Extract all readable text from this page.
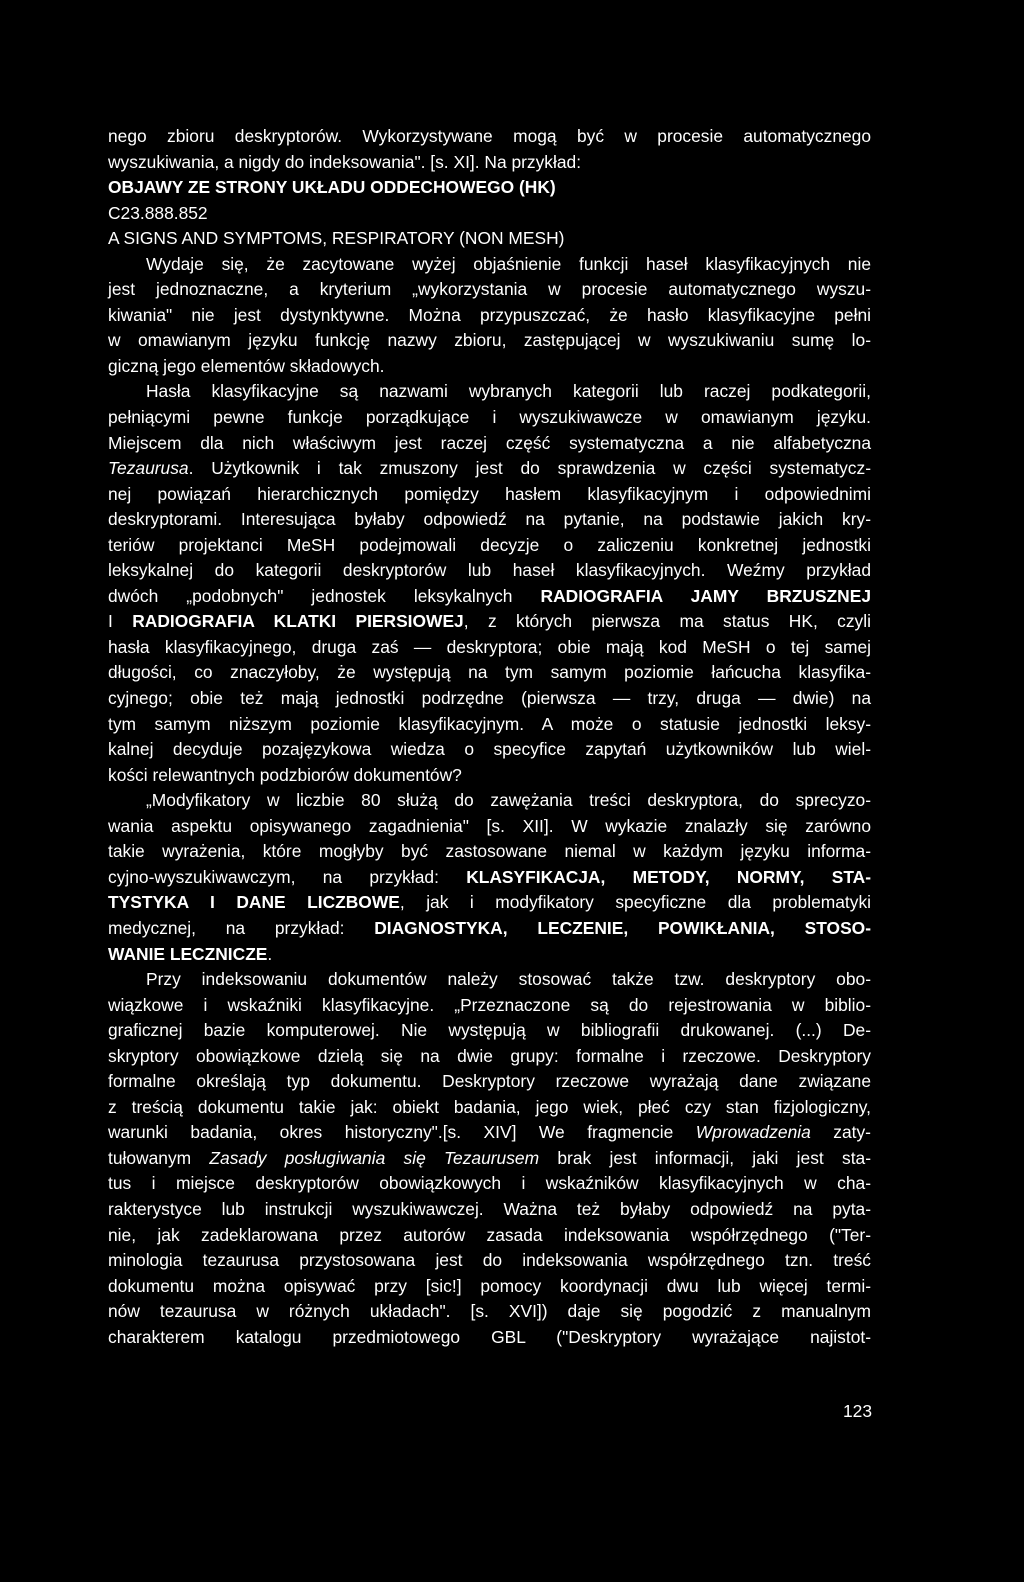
nego zbioru deskryptorów. Wykorzystywane mogą być w procesie automatycznego
wyszukiwania, a nigdy do indeksowania". [s. XI]. Na przykład:
OBJAWY ZE STRONY UKŁADU ODDECHOWEGO (HK)
C23.888.852
A SIGNS AND SYMPTOMS, RESPIRATORY (NON MESH)
Wydaje się, że zacytowane wyżej objaśnienie funkcji haseł klasyfikacyjnych nie
jest jednoznaczne, a kryterium „wykorzystania w procesie automatycznego wyszu-
kiwania" nie jest dystynktywne. Można przypuszczać, że hasło klasyfikacyjne pełni
w omawianym języku funkcję nazwy zbioru, zastępującej w wyszukiwaniu sumę lo-
giczną jego elementów składowych.
Hasła klasyfikacyjne są nazwami wybranych kategorii lub raczej podkategorii,
pełniącymi pewne funkcje porządkujące i wyszukiwawcze w omawianym języku.
Miejscem dla nich właściwym jest raczej część systematyczna a nie alfabetyczna
Tezaurusa. Użytkownik i tak zmuszony jest do sprawdzenia w części systematycz-
nej powiązań hierarchicznych pomiędzy hasłem klasyfikacyjnym i odpowiednimi
deskryptorami. Interesująca byłaby odpowiedź na pytanie, na podstawie jakich kry-
teriów projektanci MeSH podejmowali decyzje o zaliczeniu konkretnej jednostki
leksykalnej do kategorii deskryptorów lub haseł klasyfikacyjnych. Weźmy przykład
dwóch „podobnych" jednostek leksykalnych RADIOGRAFIA JAMY BRZUSZNEJ
I RADIOGRAFIA KLATKI PIERSIOWEJ, z których pierwsza ma status HK, czyli
hasła klasyfikacyjnego, druga zaś — deskryptora; obie mają kod MeSH o tej samej
długości, co znaczyłoby, że występują na tym samym poziomie łańcucha klasyfika-
cyjnego; obie też mają jednostki podrzędne (pierwsza — trzy, druga — dwie) na
tym samym niższym poziomie klasyfikacyjnym. A może o statusie jednostki leksy-
kalnej decyduje pozajęzykowa wiedza o specyfice zapytań użytkowników lub wiel-
kości relewantnych podzbiorów dokumentów?
„Modyfikatory w liczbie 80 służą do zawężania treści deskryptora, do sprecyzo-
wania aspektu opisywanego zagadnienia" [s. XII]. W wykazie znalazły się zarówno
takie wyrażenia, które mogłyby być zastosowane niemal w każdym języku informa-
cyjno-wyszukiwawczym, na przykład: KLASYFIKACJA, METODY, NORMY, STA-
TYSTYKA I DANE LICZBOWE, jak i modyfikatory specyficzne dla problematyki
medycznej, na przykład: DIAGNOSTYKA, LECZENIE, POWIKŁANIA, STOSO-
WANIE LECZNICZE.
Przy indeksowaniu dokumentów należy stosować także tzw. deskryptory obo-
wiązkowe i wskaźniki klasyfikacyjne. „Przeznaczone są do rejestrowania w biblio-
graficznej bazie komputerowej. Nie występują w bibliografii drukowanej. (...) De-
skryptory obowiązkowe dzielą się na dwie grupy: formalne i rzeczowe. Deskryptory
formalne określają typ dokumentu. Deskryptory rzeczowe wyrażają dane związane
z treścią dokumentu takie jak: obiekt badania, jego wiek, płeć czy stan fizjologiczny,
warunki badania, okres historyczny".[s. XIV] We fragmencie Wprowadzenia zaty-
tułowanym Zasady posługiwania się Tezaurusem brak jest informacji, jaki jest sta-
tus i miejsce deskryptorów obowiązkowych i wskaźników klasyfikacyjnych w cha-
rakterystyce lub instrukcji wyszukiwawczej. Ważna też byłaby odpowiedź na pyta-
nie, jak zadeklarowana przez autorów zasada indeksowania współrzędnego ("Ter-
minologia tezaurusa przystosowana jest do indeksowania współrzędnego tzn. treść
dokumentu można opisywać przy [sic!] pomocy koordynacji dwu lub więcej termi-
nów tezaurusa w różnych układach". [s. XVI]) daje się pogodzić z manualnym
charakterem katalogu przedmiotowego GBL ("Deskryptory wyrażające najistot-
123
